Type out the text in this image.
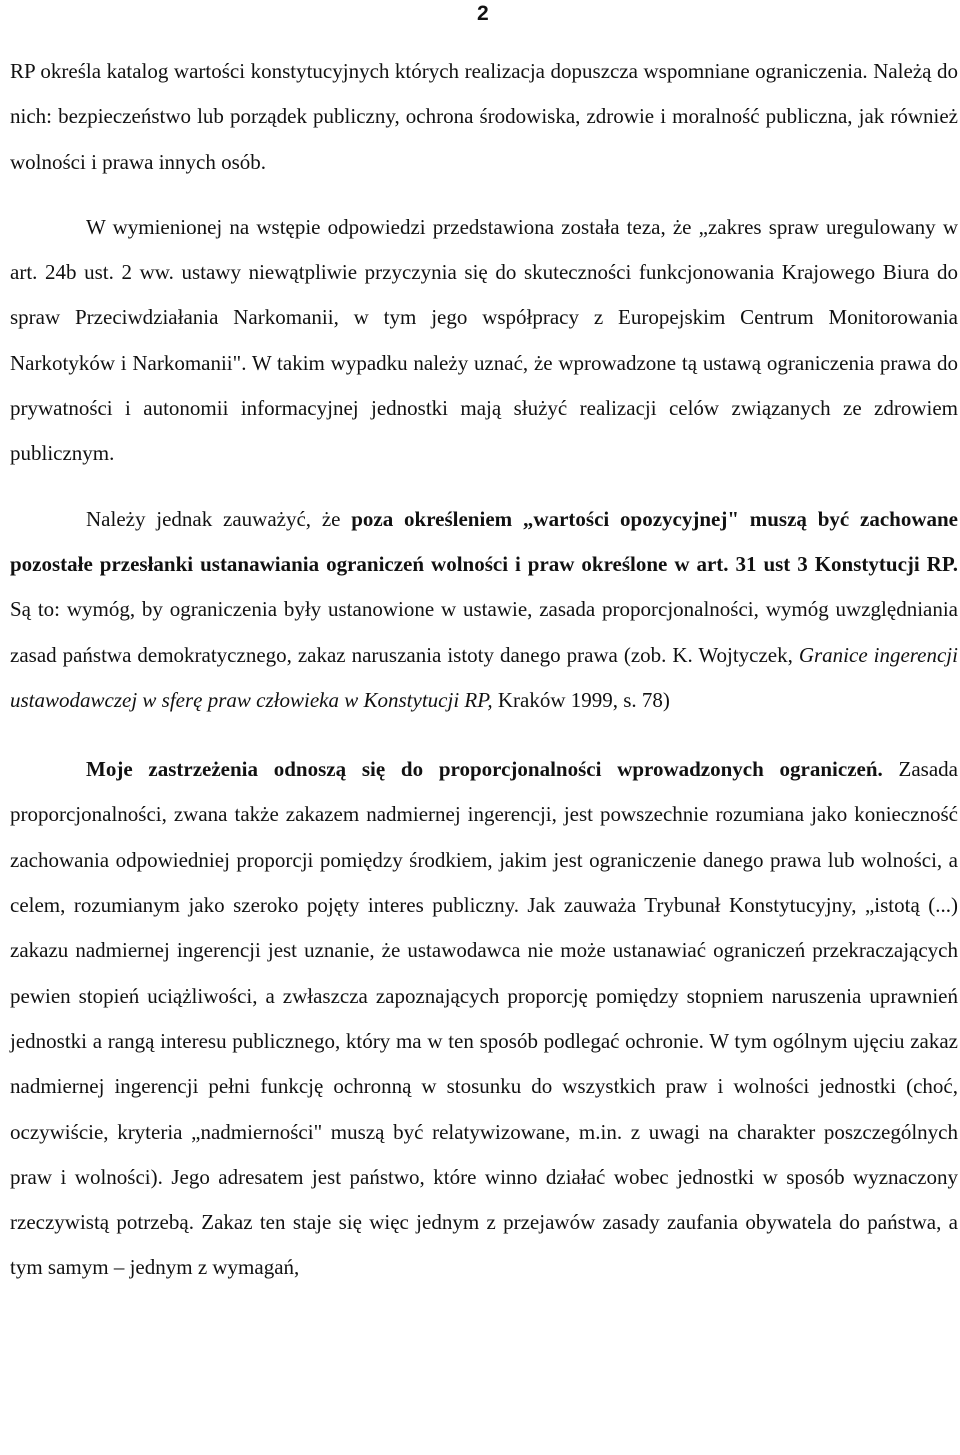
2

RP określa katalog wartości konstytucyjnych których realizacja dopuszcza wspomniane ograniczenia. Należą do nich: bezpieczeństwo lub porządek publiczny, ochrona środowiska, zdrowie i moralność publiczna, jak również wolności i prawa innych osób.

W wymienionej na wstępie odpowiedzi przedstawiona została teza, że „zakres spraw uregulowany w art. 24b ust. 2 ww. ustawy niewątpliwie przyczynia się do skuteczności funkcjonowania Krajowego Biura do spraw Przeciwdziałania Narkomanii, w tym jego współpracy z Europejskim Centrum Monitorowania Narkotyków i Narkomanii". W takim wypadku należy uznać, że wprowadzone tą ustawą ograniczenia prawa do prywatności i autonomii informacyjnej jednostki mają służyć realizacji celów związanych ze zdrowiem publicznym.

Należy jednak zauważyć, że poza określeniem „wartości opozycyjnej" muszą być zachowane pozostałe przesłanki ustanawiania ograniczeń wolności i praw określone w art. 31 ust 3 Konstytucji RP. Są to: wymóg, by ograniczenia były ustanowione w ustawie, zasada proporcjonalności, wymóg uwzględniania zasad państwa demokratycznego, zakaz naruszania istoty danego prawa (zob. K. Wojtyczek, Granice ingerencji ustawodawczej w sferę praw człowieka w Konstytucji RP, Kraków 1999, s. 78)

Moje zastrzeżenia odnoszą się do proporcjonalności wprowadzonych ograniczeń. Zasada proporcjonalności, zwana także zakazem nadmiernej ingerencji, jest powszechnie rozumiana jako konieczność zachowania odpowiedniej proporcji pomiędzy środkiem, jakim jest ograniczenie danego prawa lub wolności, a celem, rozumianym jako szeroko pojęty interes publiczny. Jak zauważa Trybunał Konstytucyjny, „istotą (...) zakazu nadmiernej ingerencji jest uznanie, że ustawodawca nie może ustanawiać ograniczeń przekraczających pewien stopień uciążliwości, a zwłaszcza zapoznających proporcję pomiędzy stopniem naruszenia uprawnień jednostki a rangą interesu publicznego, który ma w ten sposób podlegać ochronie. W tym ogólnym ujęciu zakaz nadmiernej ingerencji pełni funkcję ochronną w stosunku do wszystkich praw i wolności jednostki (choć, oczywiście, kryteria „nadmierności" muszą być relatywizowane, m.in. z uwagi na charakter poszczególnych praw i wolności). Jego adresatem jest państwo, które winno działać wobec jednostki w sposób wyznaczony rzeczywistą potrzebą. Zakaz ten staje się więc jednym z przejawów zasady zaufania obywatela do państwa, a tym samym – jednym z wymagań,
